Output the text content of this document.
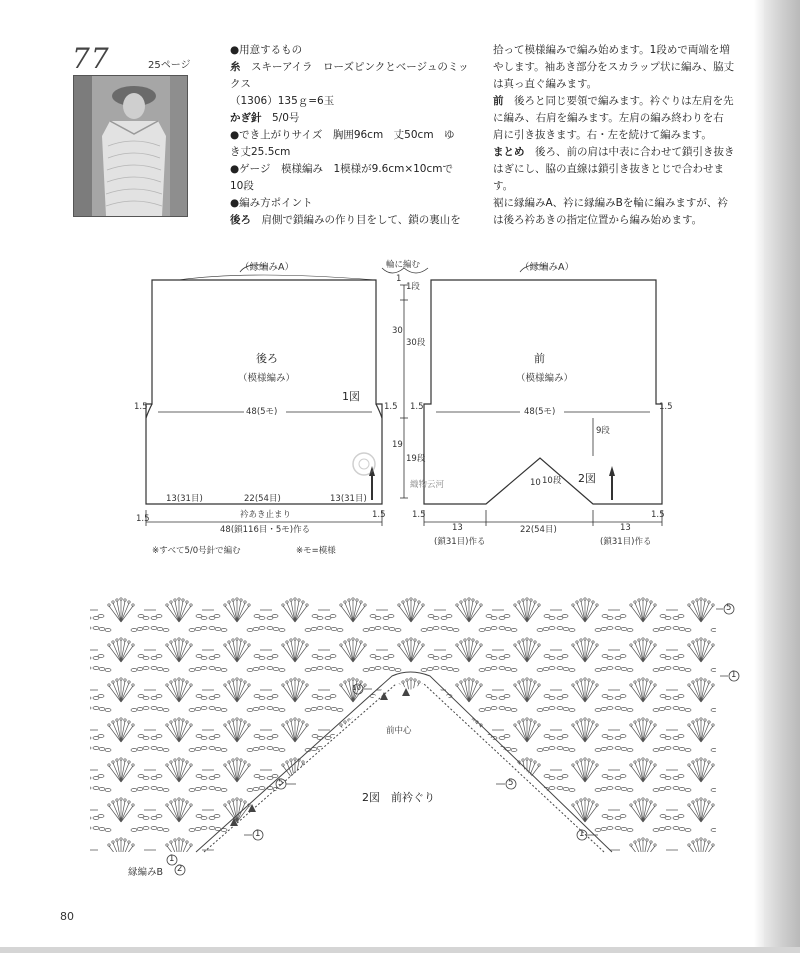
77	25ページ

●用意するもの

糸　 スキーアイラ　ローズピンクとベージュのミックス

（1306）135ｇ=6玉

かぎ針　 5/0号

●でき上がりサイズ　胸囲96cm　丈50cm　ゆ

き丈25.5cm

●ゲージ　模様編み　1模様が9.6cm×10cmで

10段

●編み方ポイント

後ろ　 肩側で鎖編みの作り目をして、鎖の裏山を

拾って模様編みで編み始めます。1段めで両端を増

やします。袖あき部分をスカラップ状に編み、脇丈

は真っ直ぐ編みます。

前　 後ろと同じ要領で編みます。衿ぐりは左肩を先

に編み、右肩を編みます。左肩の編み終わりを右

肩に引き抜きます。右・左を続けて編みます。

まとめ　 後ろ、前の肩は中表に合わせて鎖引き抜き

はぎにし、脇の直線は鎖引き抜きとじで合わせます。

裾に縁編みA、衿に縁編みBを輪に編みますが、衿

は後ろ衿あきの指定位置から編み始めます。

（縁編みA）	（縁編みA）
輪に編む
1
1段
30
30段
19
19段
後ろ
（模様編み）
前
（模様編み）
1図
2図
48(5モ)	48(5モ)
1.5	1.5 1.5	1.5
1.5	1.5	1.5	1.5
9段
10 10段
13(31目)	22(54目)	13(31目)
衿あき止まり
48(鎖116目・5モ)作る	13
(鎖31目)作る
22(54目)	13
(鎖31目)作る
※すべて5/0号針で編む	※モ=模様
織物云河
5
1
10
5	5
1	1
1
2
縁編みB
前中心
2図　前衿ぐり
80
